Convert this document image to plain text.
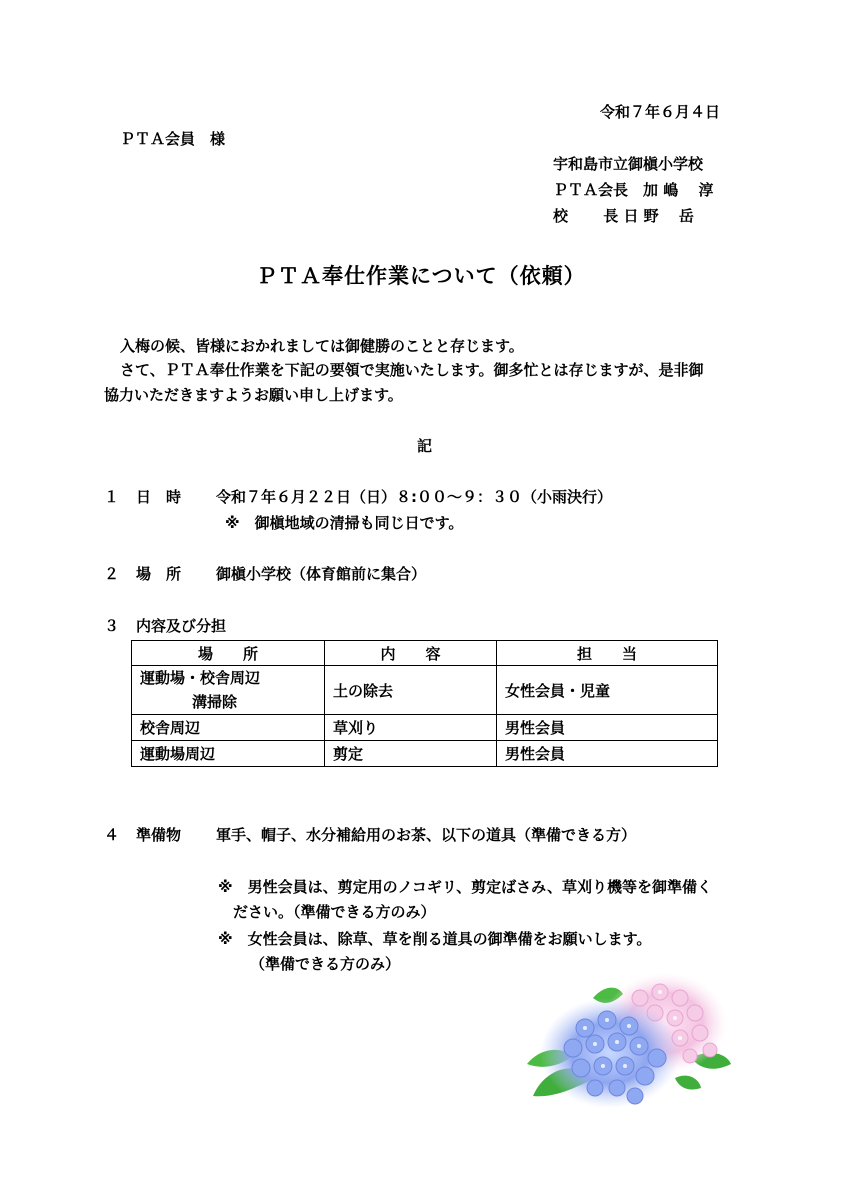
令和７年６月４日
ＰＴＡ会員　様
宇和島市立御槇小学校
ＰＴＡ会長　加 嶋　 淳
校　　 長 日 野　 岳
ＰＴＡ奉仕作業について（依頼）
入梅の候、皆様におかれましては御健勝のことと存じます。
さて、ＰＴＡ奉仕作業を下記の要領で実施いたします。御多忙とは存じますが、是非御
協力いただきますようお願い申し上げます。
記
１ 日　時 令和７年６月２２日（日）８:００～９：３０（小雨決行）
※　御槇地域の清掃も同じ日です。
２ 場　所 御槇小学校（体育館前に集合）
３ 内容及び分担
場　　所	内　　容	担　　当

運動場・校舎周辺
溝掃除	土の除去	女性会員・児童
校舎周辺	草刈り	男性会員
運動場周辺	剪定	男性会員
４ 準備物 軍手、帽子、水分補給用のお茶、以下の道具（準備できる方）
※　男性会員は、剪定用のノコギリ、剪定ばさみ、草刈り機等を御準備く
ださい。（準備できる方のみ）
※　女性会員は、除草、草を削る道具の御準備をお願いします。
（準備できる方のみ）
